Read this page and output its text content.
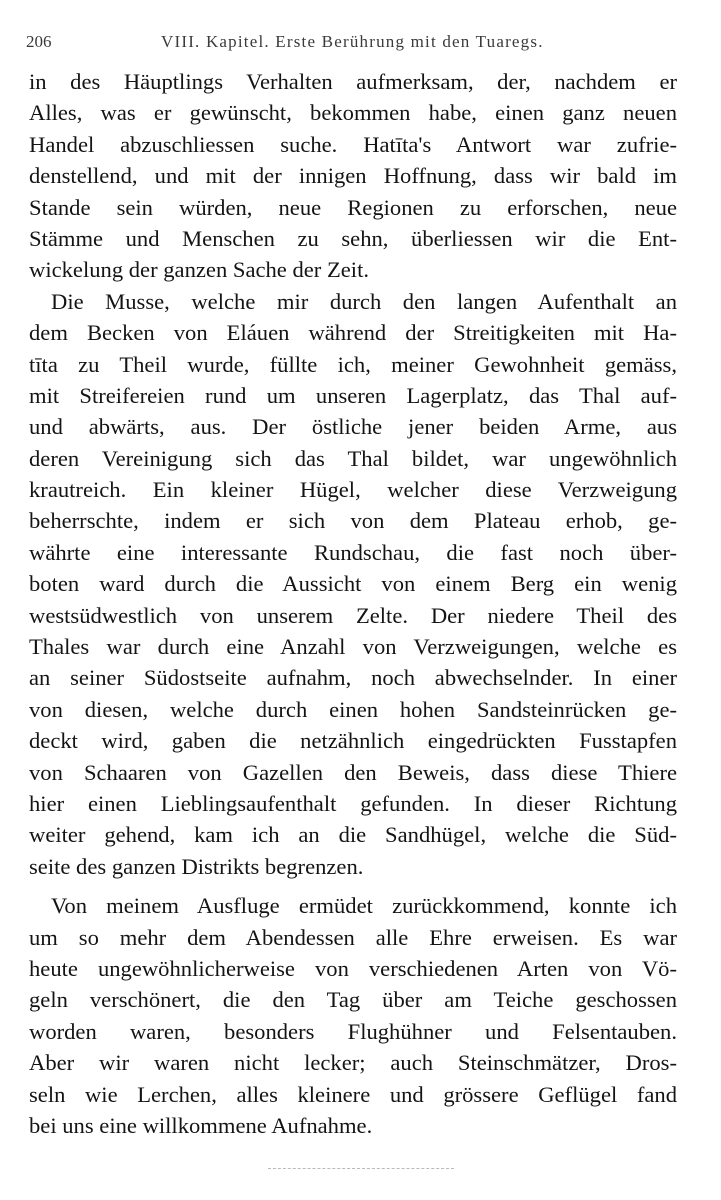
206	VIII. Kapitel. Erste Berührung mit den Tuaregs.
in des Häuptlings Verhalten aufmerksam, der, nachdem er
Alles, was er gewünscht, bekommen habe, einen ganz neuen
Handel abzuschliessen suche. Hatīta's Antwort war zufrie-
denstellend, und mit der innigen Hoffnung, dass wir bald im
Stande sein würden, neue Regionen zu erforschen, neue
Stämme und Menschen zu sehn, überliessen wir die Ent-
wickelung der ganzen Sache der Zeit.
Die Musse, welche mir durch den langen Aufenthalt an
dem Becken von Eláuen während der Streitigkeiten mit Ha-
tīta zu Theil wurde, füllte ich, meiner Gewohnheit gemäss,
mit Streifereien rund um unseren Lagerplatz, das Thal auf-
und abwärts, aus. Der östliche jener beiden Arme, aus
deren Vereinigung sich das Thal bildet, war ungewöhnlich
krautreich. Ein kleiner Hügel, welcher diese Verzweigung
beherrschte, indem er sich von dem Plateau erhob, ge-
währte eine interessante Rundschau, die fast noch über-
boten ward durch die Aussicht von einem Berg ein wenig
westsüdwestlich von unserem Zelte. Der niedere Theil des
Thales war durch eine Anzahl von Verzweigungen, welche es
an seiner Südostseite aufnahm, noch abwechselnder. In einer
von diesen, welche durch einen hohen Sandsteinrücken ge-
deckt wird, gaben die netzähnlich eingedrückten Fusstapfen
von Schaaren von Gazellen den Beweis, dass diese Thiere
hier einen Lieblingsaufenthalt gefunden. In dieser Richtung
weiter gehend, kam ich an die Sandhügel, welche die Süd-
seite des ganzen Distrikts begrenzen.
Von meinem Ausfluge ermüdet zurückkommend, konnte ich
um so mehr dem Abendessen alle Ehre erweisen. Es war
heute ungewöhnlicherweise von verschiedenen Arten von Vö-
geln verschönert, die den Tag über am Teiche geschossen
worden waren, besonders Flughühner und Felsentauben.
Aber wir waren nicht lecker; auch Steinschmätzer, Dros-
seln wie Lerchen, alles kleinere und grössere Geflügel fand
bei uns eine willkommene Aufnahme.
